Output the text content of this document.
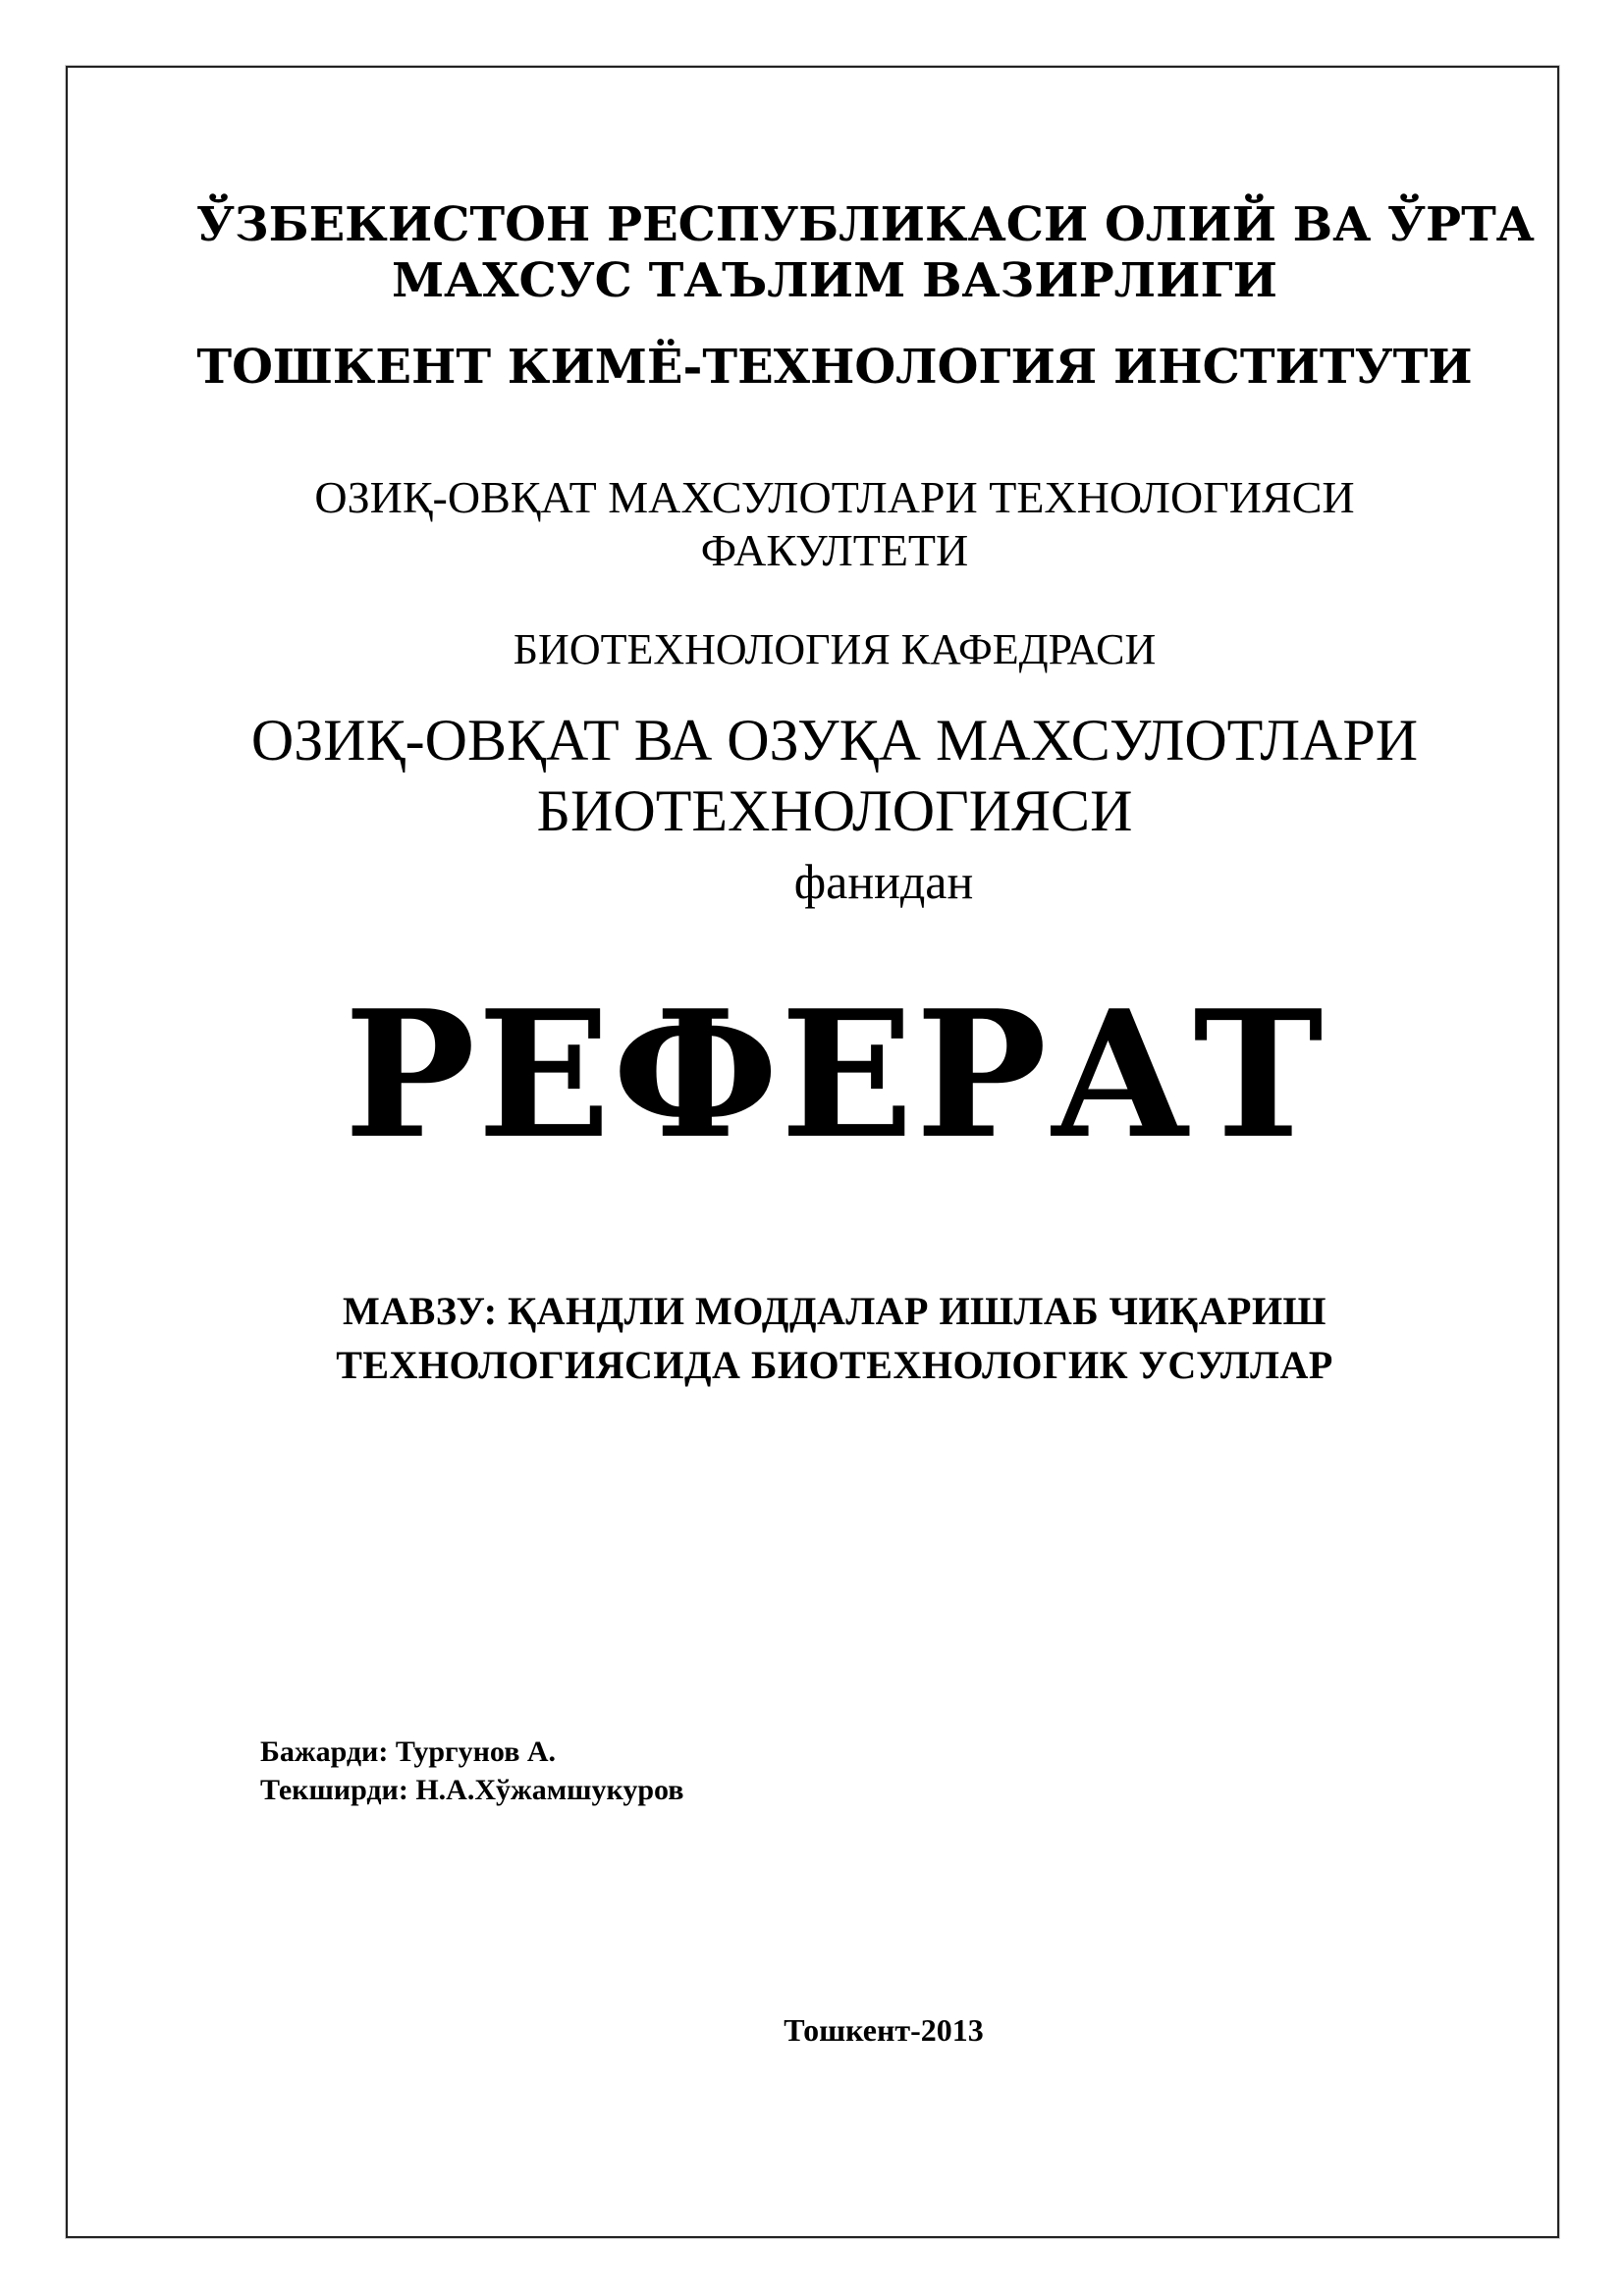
ЎЗБЕКИСТОН РЕСПУБЛИКАСИ ОЛИЙ ВА ЎРТА
МАХСУС ТАЪЛИМ ВАЗИРЛИГИ
ТОШКЕНТ КИМЁ-ТЕХНОЛОГИЯ ИНСТИТУТИ
ОЗИҚ-ОВҚАТ МАХСУЛОТЛАРИ ТЕХНОЛОГИЯСИ
ФАКУЛТЕТИ
БИОТЕХНОЛОГИЯ КАФЕДРАСИ
ОЗИҚ-ОВҚАТ ВА ОЗУҚА МАХСУЛОТЛАРИ
БИОТЕХНОЛОГИЯСИ
фанидан
РЕФЕРАТ
МАВЗУ: ҚАНДЛИ МОДДАЛАР ИШЛАБ ЧИҚАРИШ
ТЕХНОЛОГИЯСИДА БИОТЕХНОЛОГИК УСУЛЛАР
Бажарди: Тургунов А.
Текширди: Н.А.Хўжамшукуров
Тошкент-2013
